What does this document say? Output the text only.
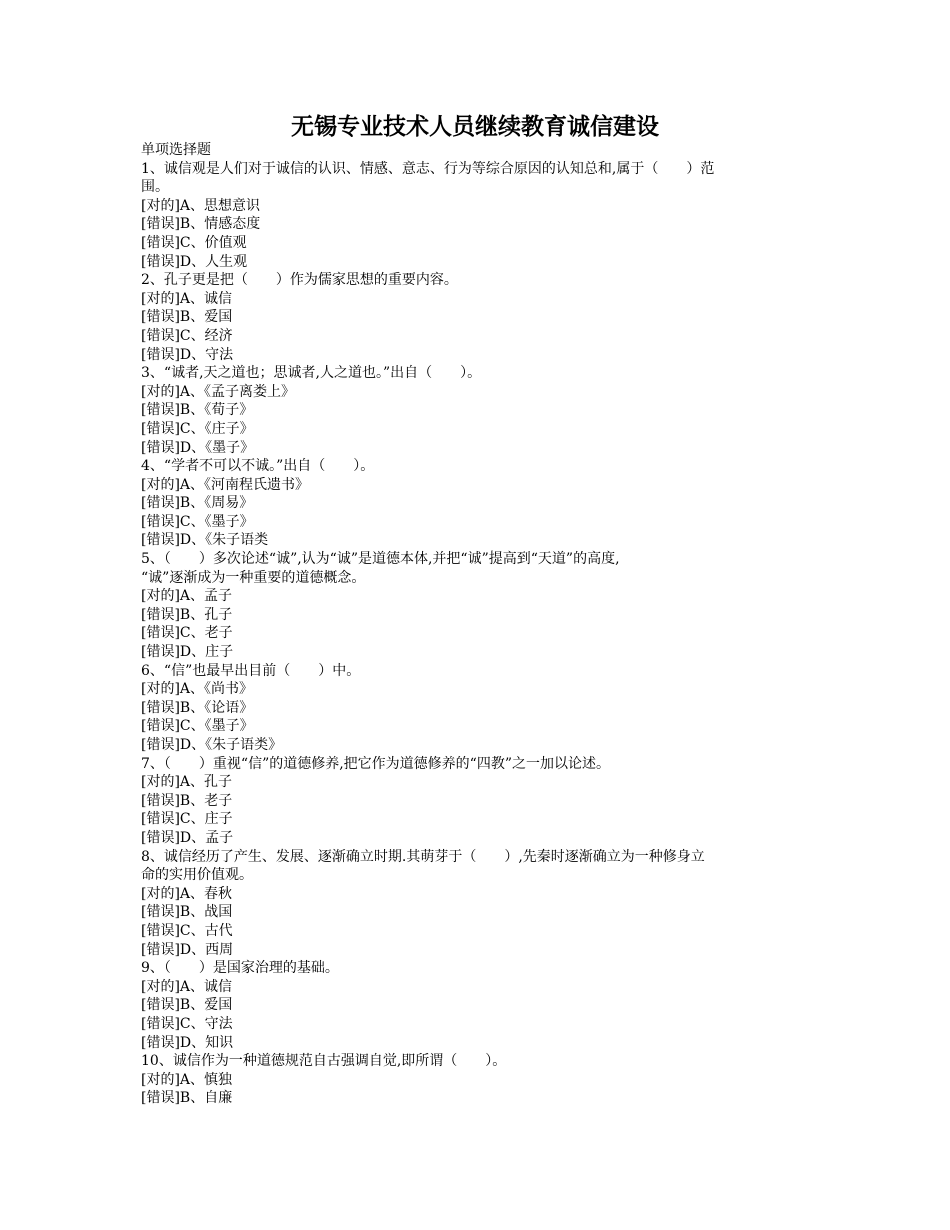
无锡专业技术人员继续教育诚信建设
单项选择题
1、诚信观是人们对于诚信的认识、情感、意志、行为等综合原因的认知总和,属于（　　）范
围。
[对的]A、思想意识
[错误]B、情感态度
[错误]C、价值观
[错误]D、人生观
2、孔子更是把（　　）作为儒家思想的重要内容。
[对的]A、诚信
[错误]B、爱国
[错误]C、经济
[错误]D、守法
3、“诚者,天之道也；思诚者,人之道也。”出自（　　）。
[对的]A、《孟子离娄上》
[错误]B、《荀子》
[错误]C、《庄子》
[错误]D、《墨子》
4、“学者不可以不诚。”出自（　　）。
[对的]A、《河南程氏遗书》
[错误]B、《周易》
[错误]C、《墨子》
[错误]D、《朱子语类
5、（　　）多次论述“诚”,认为“诚”是道德本体,并把“诚”提高到“天道”的高度,
“诚”逐渐成为一种重要的道德概念。
[对的]A、孟子
[错误]B、孔子
[错误]C、老子
[错误]D、庄子
6、“信”也最早出目前（　　）中。
[对的]A、《尚书》
[错误]B、《论语》
[错误]C、《墨子》
[错误]D、《朱子语类》
7、（　　）重视“信”的道德修养,把它作为道德修养的“四教”之一加以论述。
[对的]A、孔子
[错误]B、老子
[错误]C、庄子
[错误]D、孟子
8、诚信经历了产生、发展、逐渐确立时期.其萌芽于（　　）,先秦时逐渐确立为一种修身立
命的实用价值观。
[对的]A、春秋
[错误]B、战国
[错误]C、古代
[错误]D、西周
9、（　　）是国家治理的基础。
[对的]A、诚信
[错误]B、爱国
[错误]C、守法
[错误]D、知识
10、诚信作为一种道德规范自古强调自觉,即所谓（　　）。
[对的]A、慎独
[错误]B、自廉
